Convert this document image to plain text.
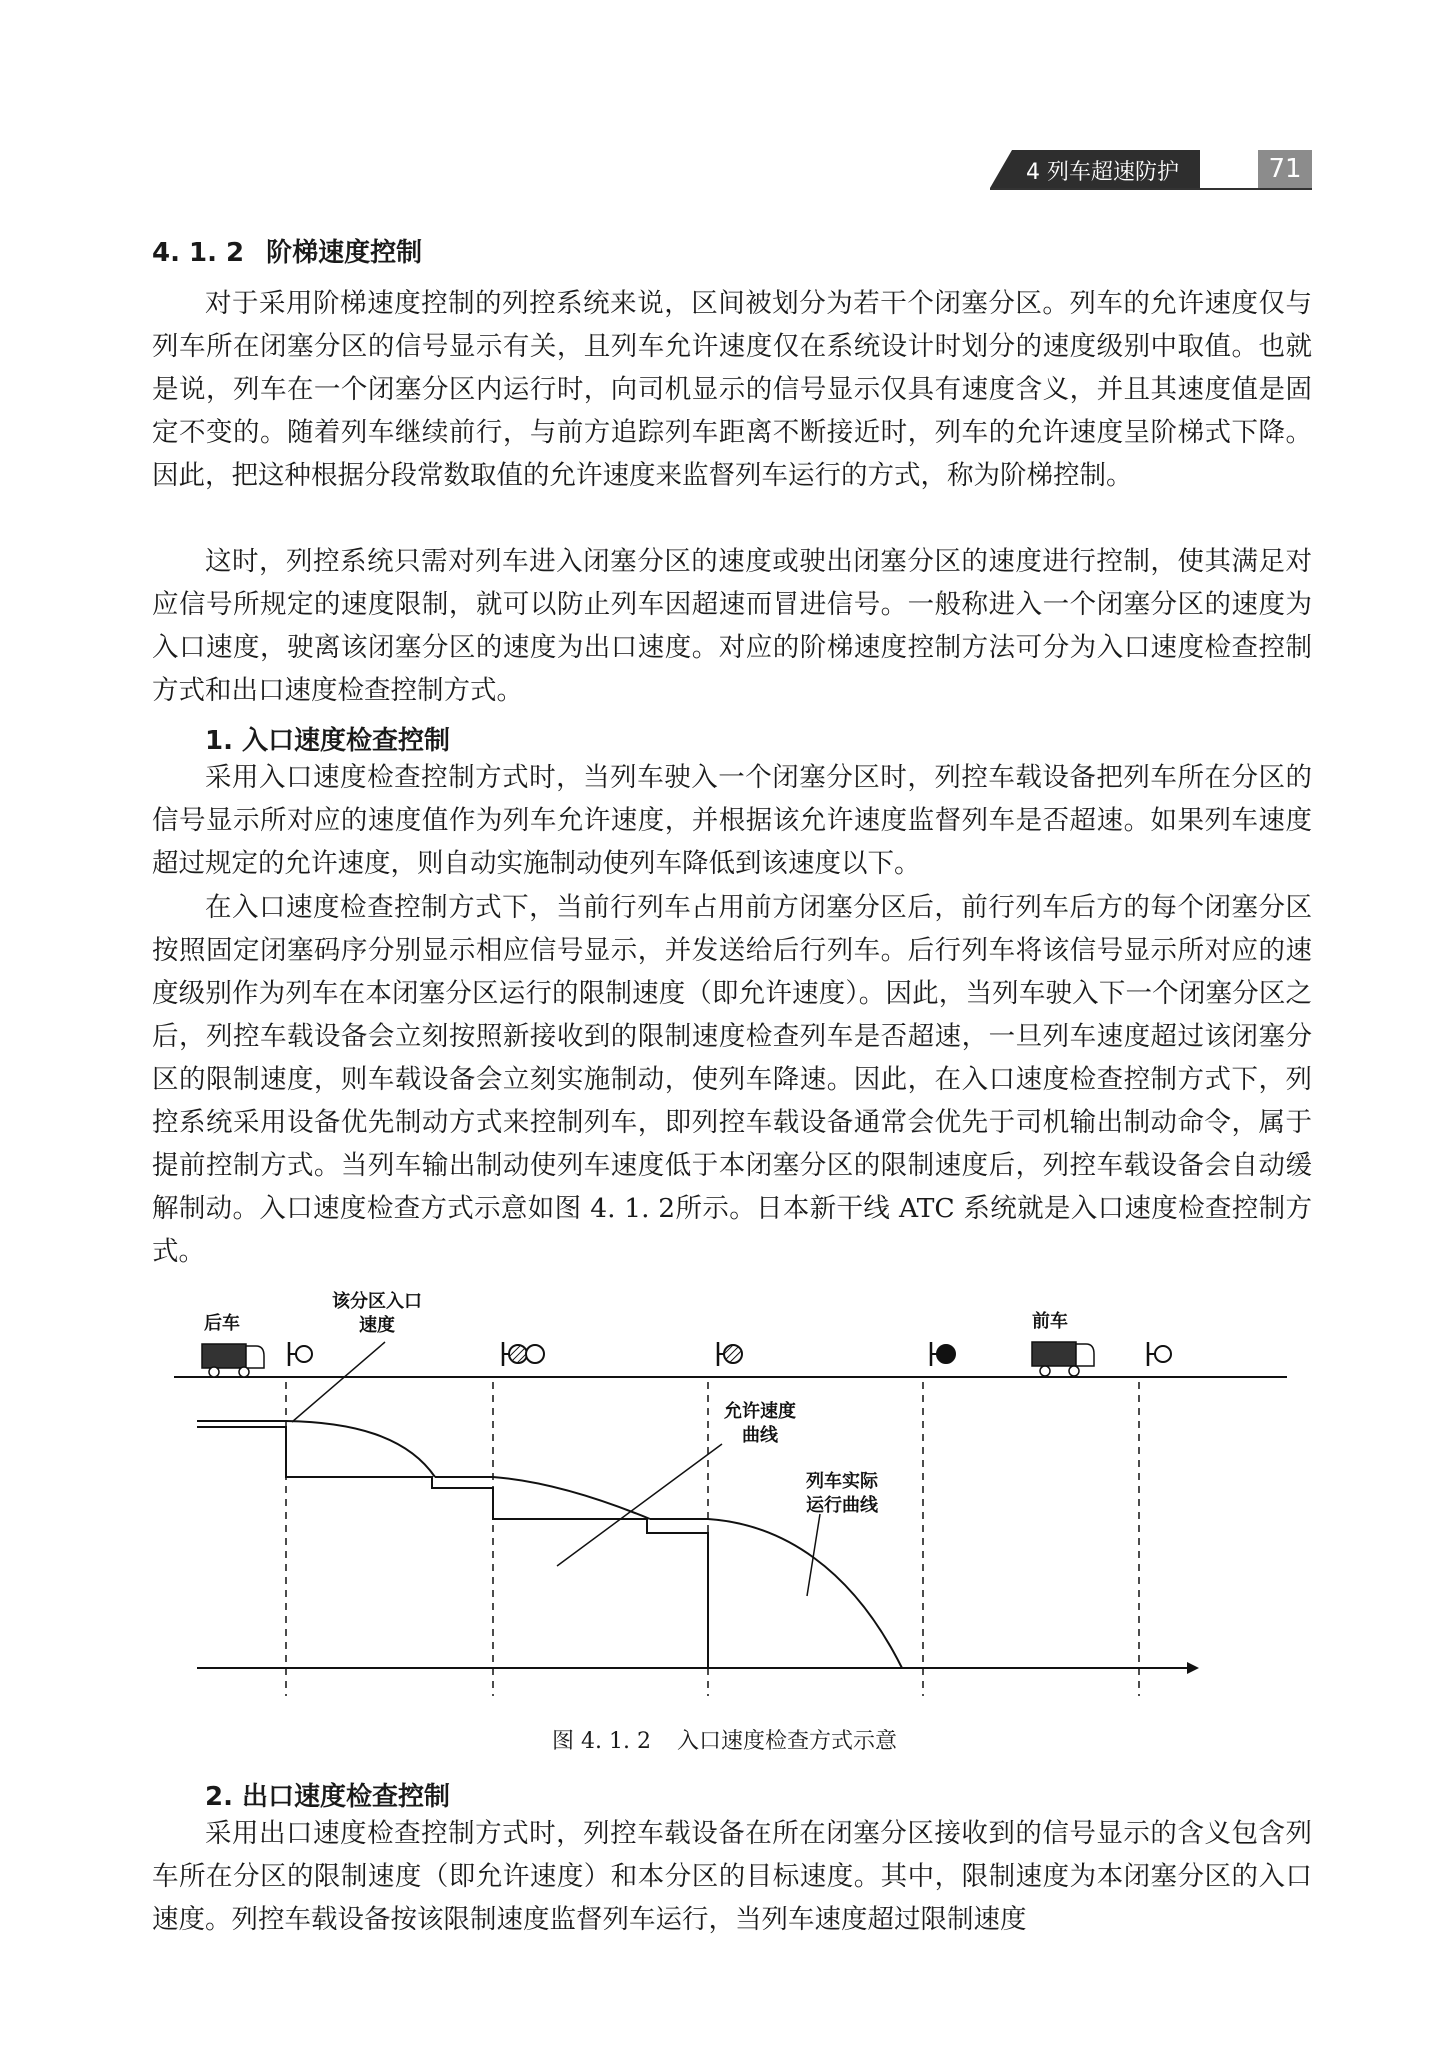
4 列车超速防护	71
4. 1. 2 阶梯速度控制

对于采用阶梯速度控制的列控系统来说，区间被划分为若干个闭塞分区。列车的允许速度仅与列车所在闭塞分区的信号显示有关，且列车允许速度仅在系统设计时划分的速度级别中取值。也就是说，列车在一个闭塞分区内运行时，向司机显示的信号显示仅具有速度含义，并且其速度值是固定不变的。随着列车继续前行，与前方追踪列车距离不断接近时，列车的允许速度呈阶梯式下降。因此，把这种根据分段常数取值的允许速度来监督列车运行的方式，称为阶梯控制。

这时，列控系统只需对列车进入闭塞分区的速度或驶出闭塞分区的速度进行控制，使其满足对应信号所规定的速度限制，就可以防止列车因超速而冒进信号。一般称进入一个闭塞分区的速度为入口速度，驶离该闭塞分区的速度为出口速度。对应的阶梯速度控制方法可分为入口速度检查控制方式和出口速度检查控制方式。

1. 入口速度检查控制

采用入口速度检查控制方式时，当列车驶入一个闭塞分区时，列控车载设备把列车所在分区的信号显示所对应的速度值作为列车允许速度，并根据该允许速度监督列车是否超速。如果列车速度超过规定的允许速度，则自动实施制动使列车降低到该速度以下。

在入口速度检查控制方式下，当前行列车占用前方闭塞分区后，前行列车后方的每个闭塞分区按照固定闭塞码序分别显示相应信号显示，并发送给后行列车。后行列车将该信号显示所对应的速度级别作为列车在本闭塞分区运行的限制速度（即允许速度）。因此，当列车驶入下一个闭塞分区之后，列控车载设备会立刻按照新接收到的限制速度检查列车是否超速，一旦列车速度超过该闭塞分区的限制速度，则车载设备会立刻实施制动，使列车降速。因此，在入口速度检查控制方式下，列控系统采用设备优先制动方式来控制列车，即列控车载设备通常会优先于司机输出制动命令，属于提前控制方式。当列车输出制动使列车速度低于本闭塞分区的限制速度后，列控车载设备会自动缓解制动。入口速度检查方式示意如图 4. 1. 2所示。日本新干线 ATC 系统就是入口速度检查控制方式。

后车
该分区入口
速度	前车
允许速度
曲线
列车实际
运行曲线
图 4. 1. 2 入口速度检查方式示意
2. 出口速度检查控制

采用出口速度检查控制方式时，列控车载设备在所在闭塞分区接收到的信号显示的含义包含列车所在分区的限制速度（即允许速度）和本分区的目标速度。其中，限制速度为本闭塞分区的入口速度。列控车载设备按该限制速度监督列车运行，当列车速度超过限制速度
